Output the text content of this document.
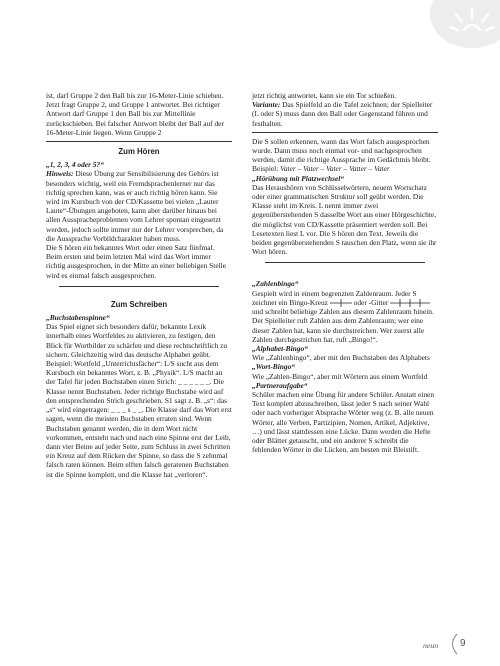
ist, darf Gruppe 2 den Ball bis zur 16-Meter-Linie schieben. Jetzt fragt Gruppe 2, und Gruppe 1 antwortet. Bei richtiger Antwort darf Gruppe 1 den Ball bis zur Mittellinie zurückschieben. Bei falscher Antwort bleibt der Ball auf der 16-Meter-Linie liegen. Wenn Gruppe 2

Zum Hören

„1, 2, 3, 4 oder 5?“

Hinweis: Diese Übung zur Sensibilisierung des Gehörs ist besonders wichtig, weil ein Fremdsprachenlerner nur das richtig sprechen kann, was er auch richtig hören kann. Sie wird im Kursbuch von der CD/Kassette bei vielen „Lauter Laute“-Übungen angeboten, kann aber darüber hinaus bei allen Ausspracheproblemen vom Lehrer spontan eingesetzt werden, jedoch sollte immer nur der Lehrer vorsprechen, da die Aussprache Vorbildcharakter haben muss.

Die S hören ein bekanntes Wort oder einen Satz fünfmal. Beim ersten und beim letzten Mal wird das Wort immer richtig ausgesprochen, in der Mitte an einer beliebigen Stelle wird es einmal falsch ausgesprochen.

Zum Schreiben

„Buchstabenspinne“

Das Spiel eignet sich besonders dafür, bekannte Lexik innerhalb eines Wortfeldes zu aktivieren, zu festigen, den Blick für Wortbilder zu schärfen und diese rechtschriftlich zu sichern. Gleichzeitig wird das deutsche Alphabet geübt.

Beispiel: Wortfeld „Unterrichtsfächer“: L/S sucht aus dem Kursbuch ein bekanntes Wort, z. B. „Physik“. L/S macht an der Tafel für jeden Buchstaben einen Strich: _ _ _ _ _ _. Die Klasse nennt Buchstaben. Jeder richtige Buchstabe wird auf den entsprechenden Strich geschrieben. S1 sagt z. B. „s“: das „s“ wird eingetragen: _ _ _ s _ _. Die Klasse darf das Wort erst sagen, wenn die meisten Buchstaben erraten sind. Wenn Buchstaben genannt werden, die in dem Wort nicht vorkommen, entsteht nach und nach eine Spinne erst der Leib, dann vier Beine auf jeder Seite, zum Schluss in zwei Schritten ein Kreuz auf dem Rücken der Spinne, so dass die S zehnmal falsch raten können. Beim elften falsch geratenen Buchstaben ist die Spinne komplett, und die Klasse hat „verloren“.

jetzt richtig antwortet, kann sie ein Tor schießen.

Variante: Das Spielfeld an die Tafel zeichnen; der Spielleiter (L oder S) muss dann den Ball oder Gegenstand führen und festhalten.

Die S sollen erkennen, wann das Wort falsch ausgesprochen wurde. Dann muss noch einmal vor- und nachgesprochen werden, damit die richtige Aussprache im Gedächtnis bleibt.

Beispiel: Vater – Vater – Vater – Vatter – Vater

„Hörübung mit Platzwechsel“

Das Heraushören von Schlüsselwörtern, neuem Wortschatz oder einer grammatischen Struktur soll geübt werden. Die Klasse steht im Kreis. L nennt immer zwei gegenüberstehenden S dasselbe Wort aus einer Hörgeschichte, die möglichst von CD/Kassette präsentiert werden soll. Bei Lesetexten liest L vor. Die S hören den Text. Jeweils die beiden gegenüberstehenden S tauschen den Platz, wenn sie ihr Wort hören.

„Zahlenbingo“

Gespielt wird in einem begrenzten Zahlenraum. Jeder S zeichnet ein Bingo-Kreuz	oder -Gitter  und schreibt beliebige Zahlen aus diesem Zahlenraum hinein. Der Spielleiter ruft Zahlen aus dem Zahlenraum; wer eine dieser Zahlen hat, kann sie durchstreichen. Wer zuerst alle Zahlen durchgestrichen hat, ruft „Bingo!“.

„Alphabet-Bingo“

Wie „Zahlenbingo“, aber mit den Buchstaben des Alphabets

„Wort-Bingo“

Wie „Zahlen-Bingo“, aber mit Wörtern aus einem Wortfeld

„Partneraufgabe“

Schüler machen eine Übung für andere Schüler. Anstatt einen Text komplett abzuschreiben, lässt jeder S nach seiner Wahl oder nach vorheriger Absprache Wörter weg (z. B. alle neuen Wörter, alle Verben, Partizipien, Nomen, Artikel, Adjektive, …) und lässt stattdessen eine Lücke. Dann werden die Hefte oder Blätter getauscht, und ein anderer S schreibt die fehlenden Wörter in die Lücken, am besten mit Bleistift.

neun 9
